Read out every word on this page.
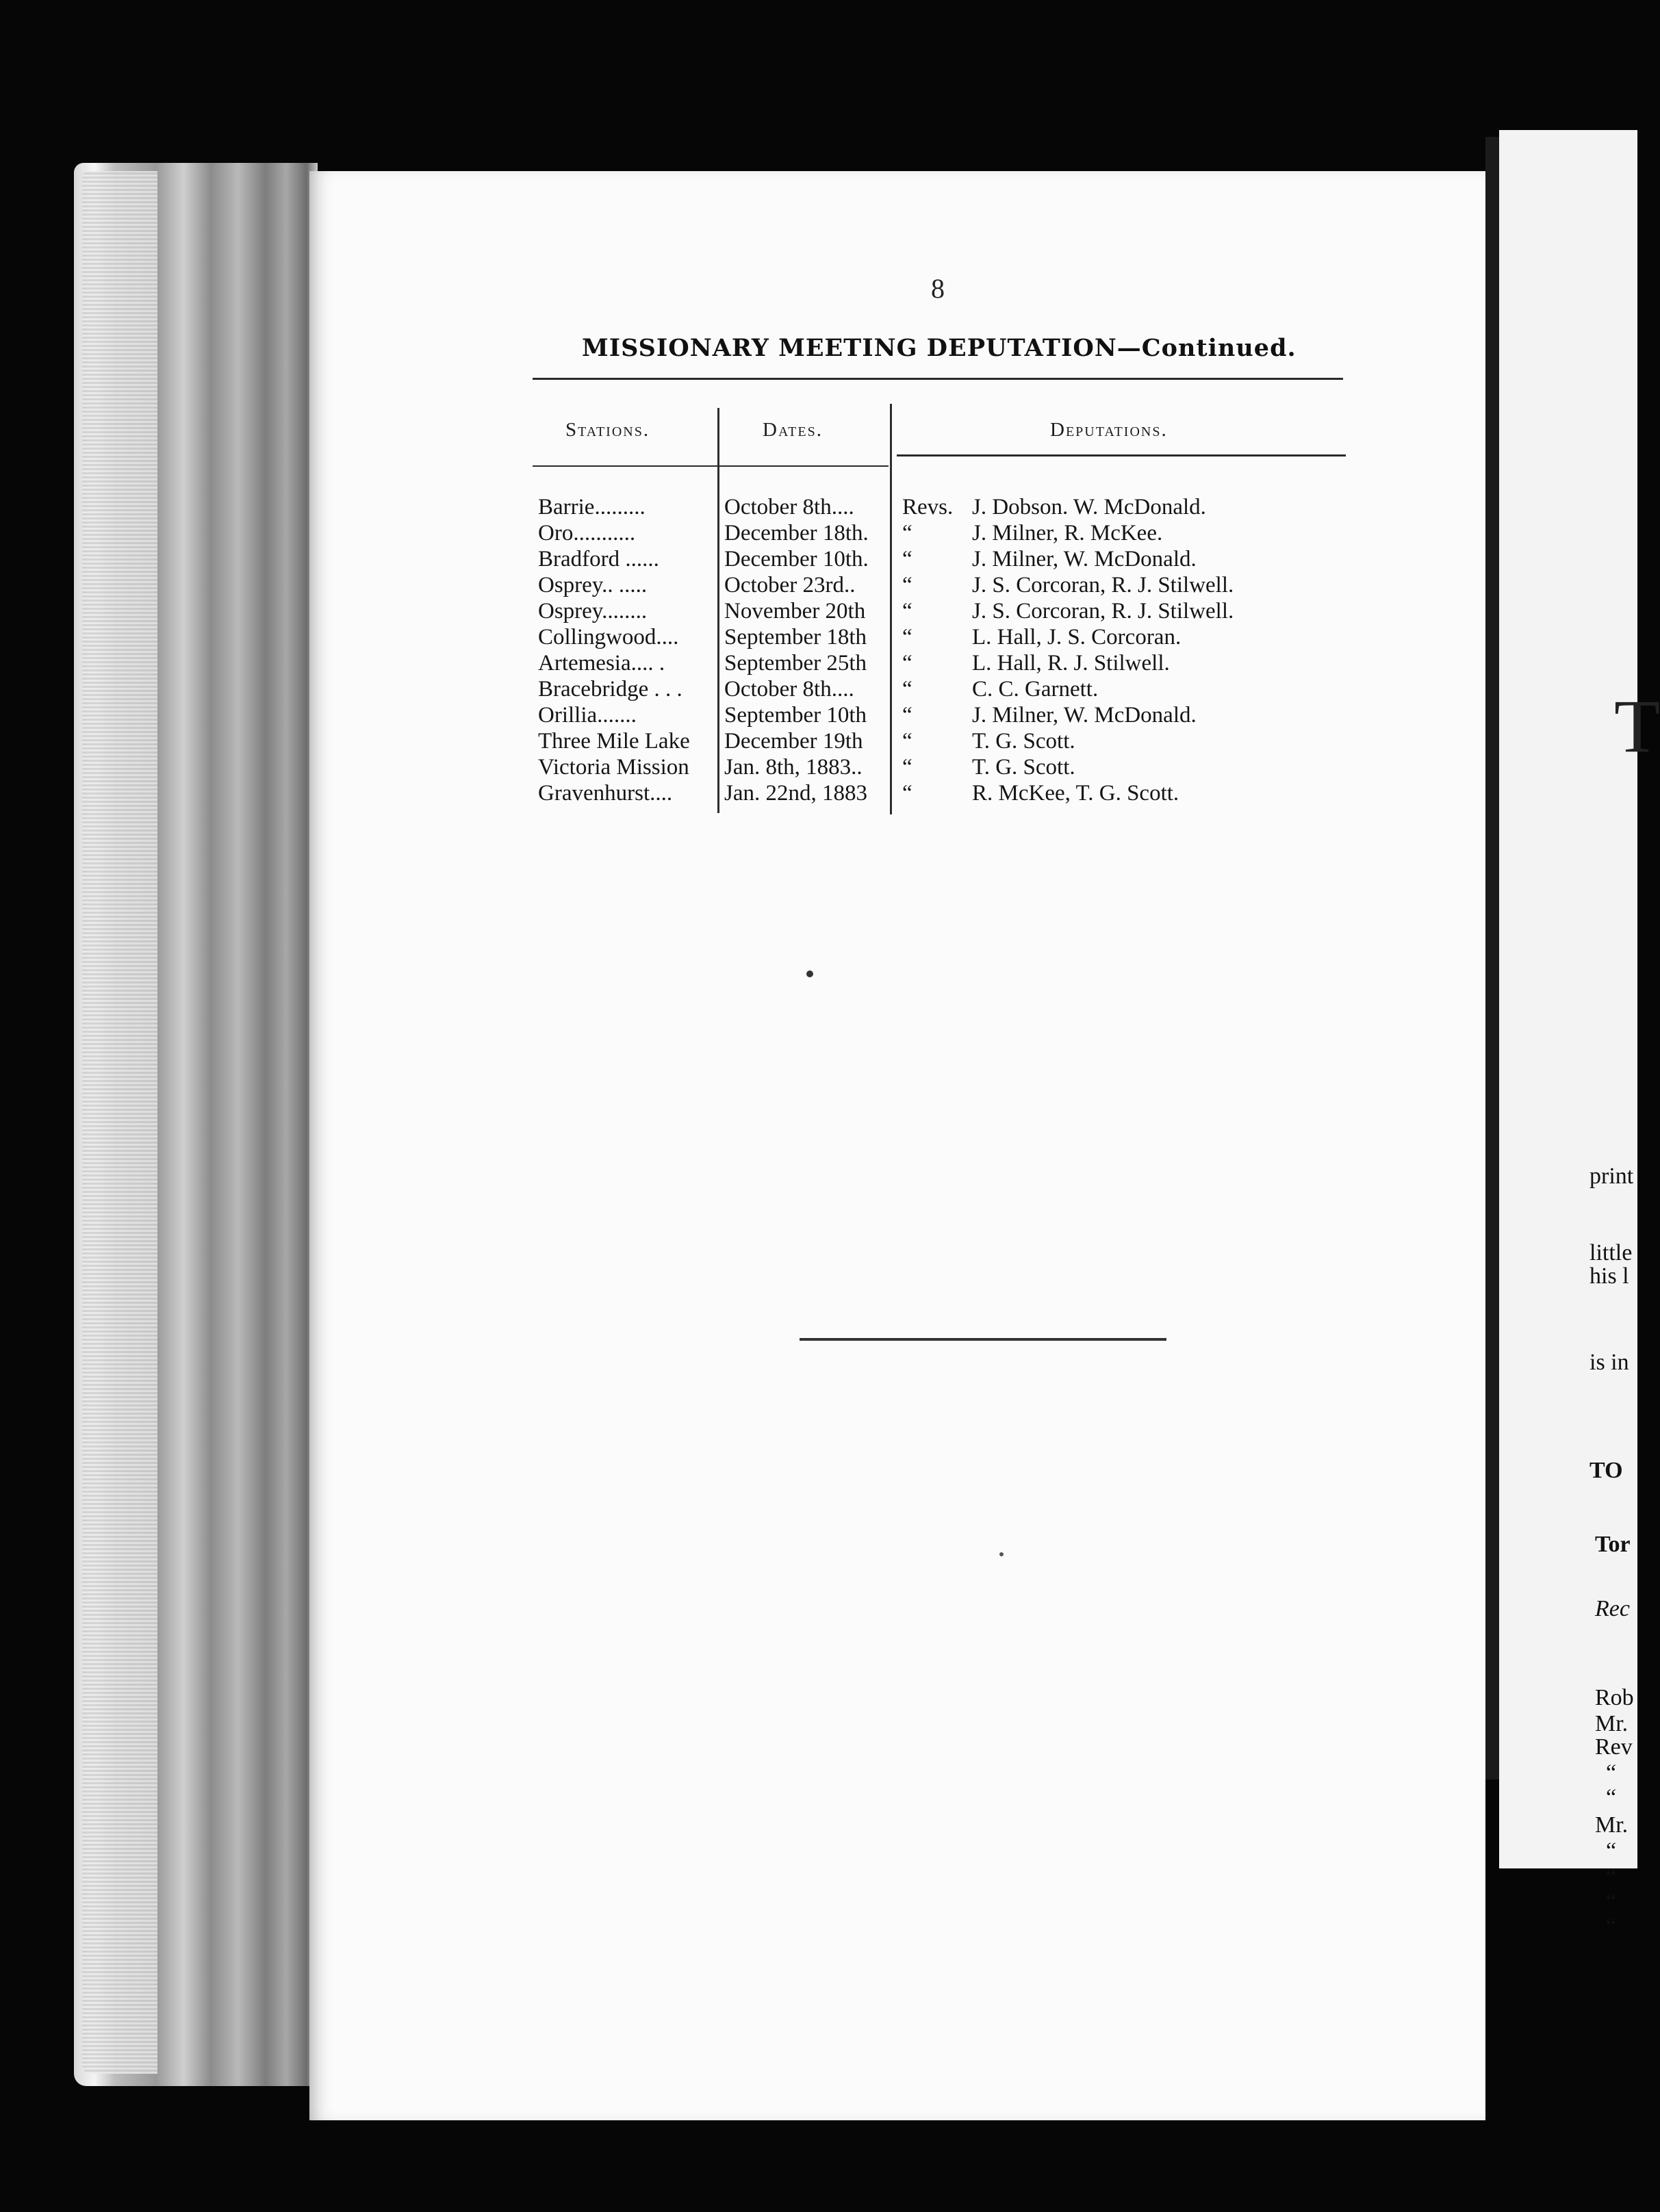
8
MISSIONARY MEETING DEPUTATION—Continued.
Stations.	Dates.	Deputations.
Barrie.........	October 8th....	Revs. J. Dobson. W. McDonald.
Oro...........	December 18th.	“	J. Milner, R. McKee.
Bradford ......	December 10th.	“	J. Milner, W. McDonald.
Osprey.. .....	October 23rd..	“	J. S. Corcoran, R. J. Stilwell.
Osprey........	November 20th	“	J. S. Corcoran, R. J. Stilwell.
Collingwood....	September 18th	“	L. Hall, J. S. Corcoran.
Artemesia.... .	September 25th	“	L. Hall, R. J. Stilwell.
Bracebridge . . .	October 8th....	“	C. C. Garnett.
Orillia.......	September 10th	“	J. Milner, W. McDonald.
Three Mile Lake	December 19th	“	T. G. Scott.
Victoria Mission	Jan. 8th, 1883..	“	T. G. Scott.
Gravenhurst....	Jan. 22nd, 1883	“	R. McKee, T. G. Scott.
T
print
little
his l
is in
TO
Tor
Rec
Rob
Mr.
Rev
“
“
Mr.
“
“
“
“
